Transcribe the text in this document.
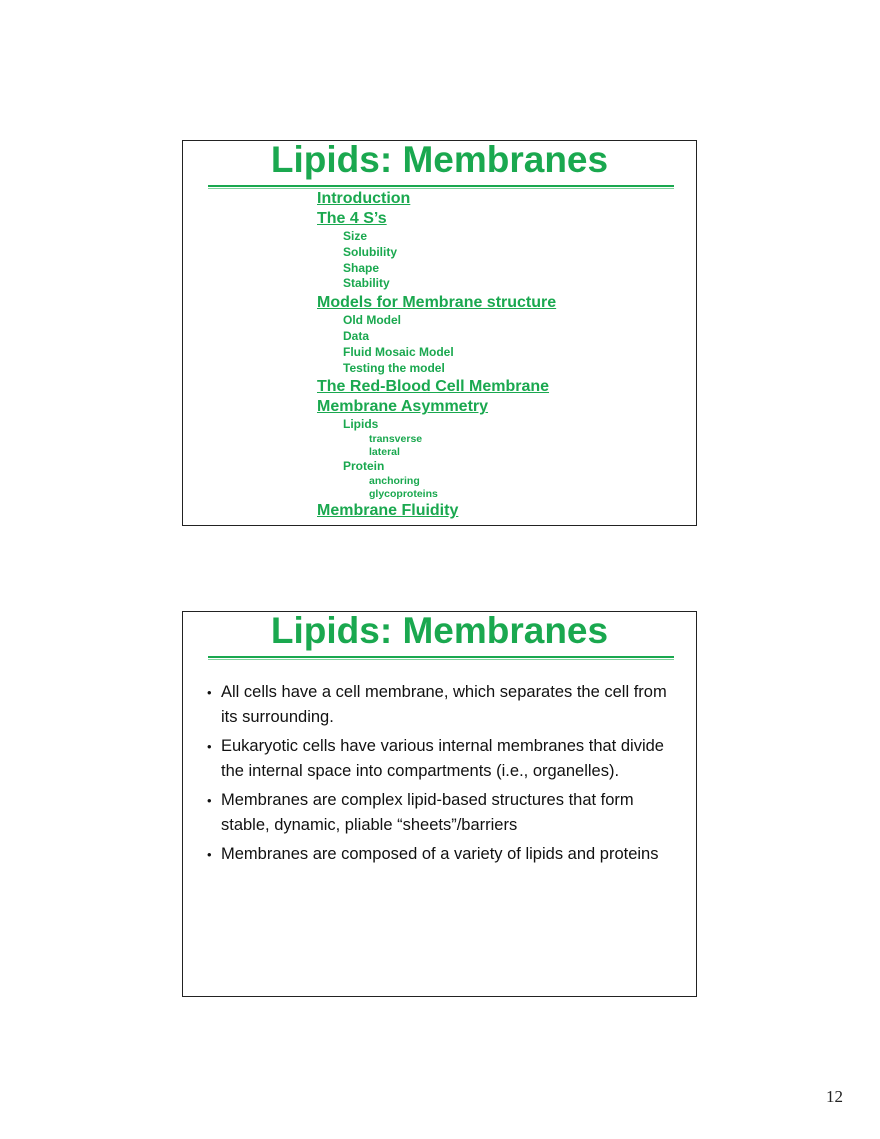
Lipids: Membranes
Introduction
The 4 S’s
Size
Solubility
Shape
Stability
Models for Membrane structure
Old Model
Data
Fluid Mosaic Model
Testing the model
The Red-Blood Cell Membrane
Membrane Asymmetry
Lipids
transverse
lateral
Protein
anchoring
glycoproteins
Membrane Fluidity
Lipids: Membranes
• All cells have a cell membrane, which separates the cell from its surrounding.
• Eukaryotic cells have various internal membranes that divide the internal space into compartments (i.e., organelles).
• Membranes are complex lipid-based structures that form stable, dynamic, pliable “sheets”/barriers
• Membranes are composed of a variety of lipids and proteins
12
